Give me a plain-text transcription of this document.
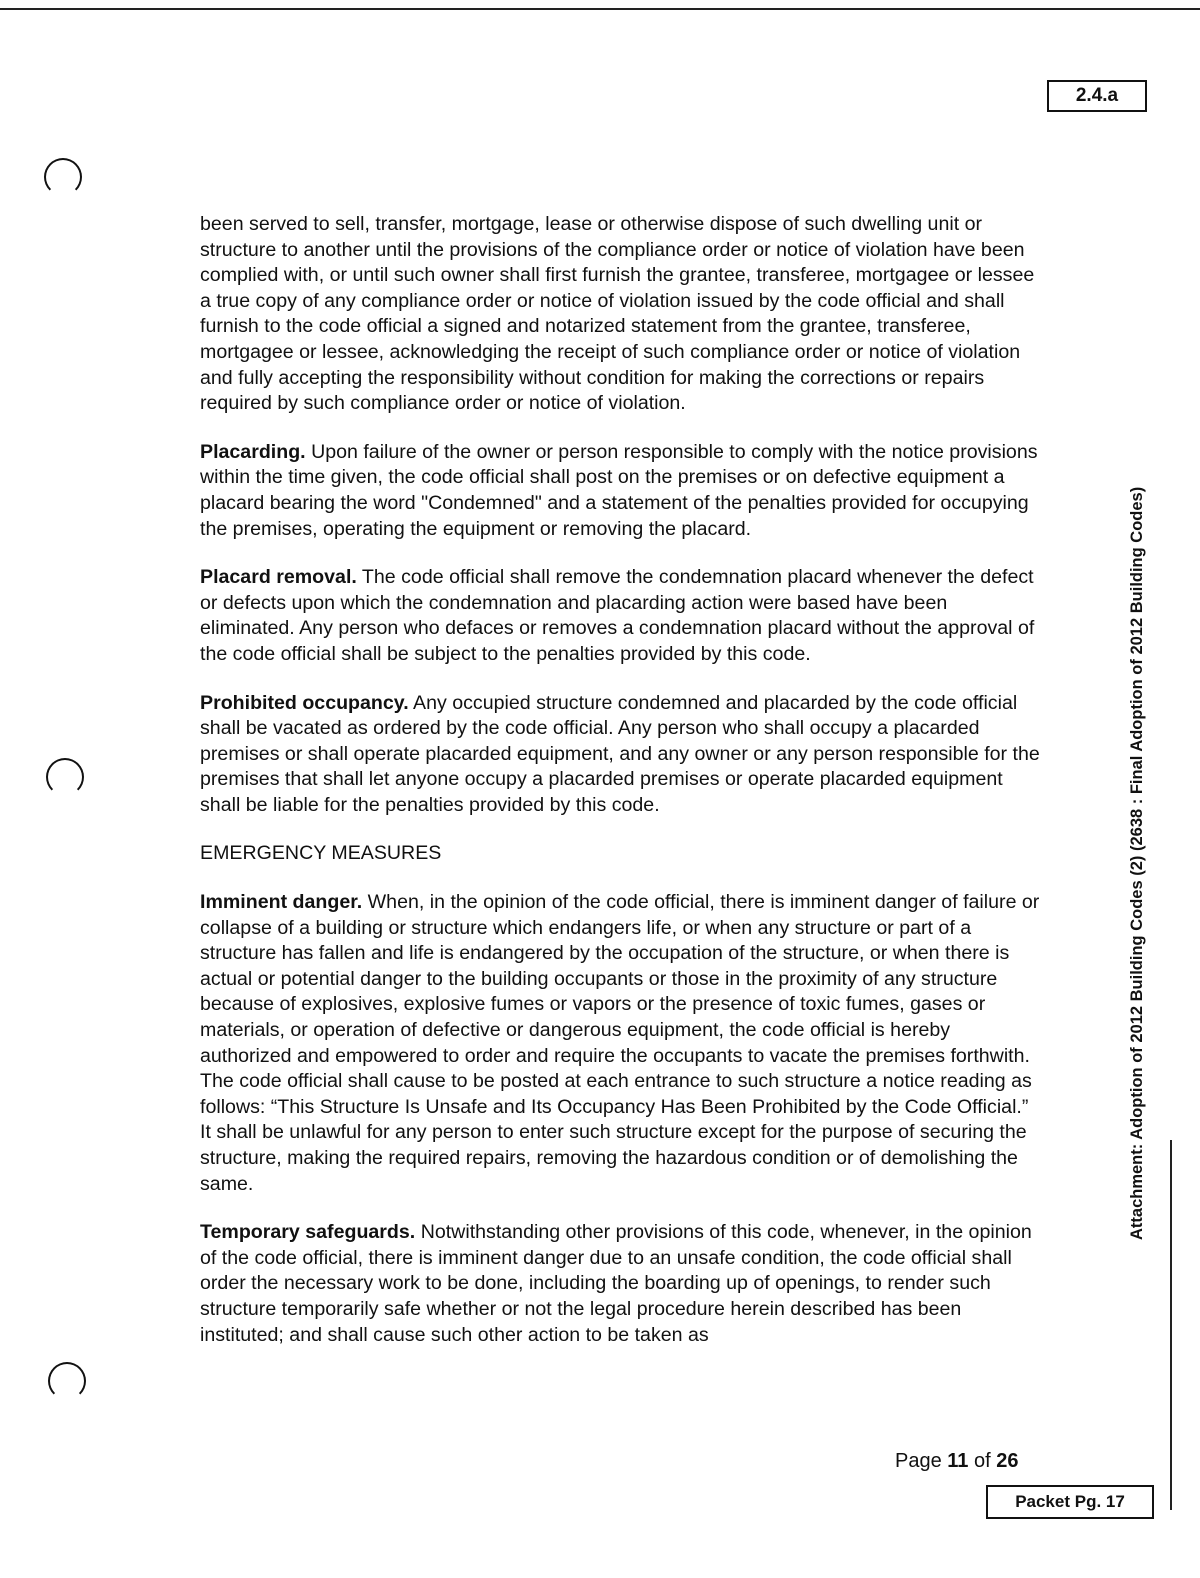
2.4.a
Attachment: Adoption of 2012 Building Codes (2) (2638 : Final Adoption of 2012 Building Codes)

been served to sell, transfer, mortgage, lease or otherwise dispose of such dwelling unit or structure to another until the provisions of the compliance order or notice of violation have been complied with, or until such owner shall first furnish the grantee, transferee, mortgagee or lessee a true copy of any compliance order or notice of violation issued by the code official and shall furnish to the code official a signed and notarized statement from the grantee, transferee, mortgagee or lessee, acknowledging the receipt of such compliance order or notice of violation and fully accepting the responsibility without condition for making the corrections or repairs required by such compliance order or notice of violation.

Placarding. Upon failure of the owner or person responsible to comply with the notice provisions within the time given, the code official shall post on the premises or on defective equipment a placard bearing the word "Condemned" and a statement of the penalties provided for occupying the premises, operating the equipment or removing the placard.

Placard removal. The code official shall remove the condemnation placard whenever the defect or defects upon which the condemnation and placarding action were based have been eliminated. Any person who defaces or removes a condemnation placard without the approval of the code official shall be subject to the penalties provided by this code.

Prohibited occupancy. Any occupied structure condemned and placarded by the code official shall be vacated as ordered by the code official. Any person who shall occupy a placarded premises or shall operate placarded equipment, and any owner or any person responsible for the premises that shall let anyone occupy a placarded premises or operate placarded equipment shall be liable for the penalties provided by this code.

EMERGENCY MEASURES

Imminent danger. When, in the opinion of the code official, there is imminent danger of failure or collapse of a building or structure which endangers life, or when any structure or part of a structure has fallen and life is endangered by the occupation of the structure, or when there is actual or potential danger to the building occupants or those in the proximity of any structure because of explosives, explosive fumes or vapors or the presence of toxic fumes, gases or materials, or operation of defective or dangerous equipment, the code official is hereby authorized and empowered to order and require the occupants to vacate the premises forthwith. The code official shall cause to be posted at each entrance to such structure a notice reading as follows: “This Structure Is Unsafe and Its Occupancy Has Been Prohibited by the Code Official.” It shall be unlawful for any person to enter such structure except for the purpose of securing the structure, making the required repairs, removing the hazardous condition or of demolishing the same.

Temporary safeguards. Notwithstanding other provisions of this code, whenever, in the opinion of the code official, there is imminent danger due to an unsafe condition, the code official shall order the necessary work to be done, including the boarding up of openings, to render such structure temporarily safe whether or not the legal procedure herein described has been instituted; and shall cause such other action to be taken as

Page 11 of 26
Packet Pg. 17
